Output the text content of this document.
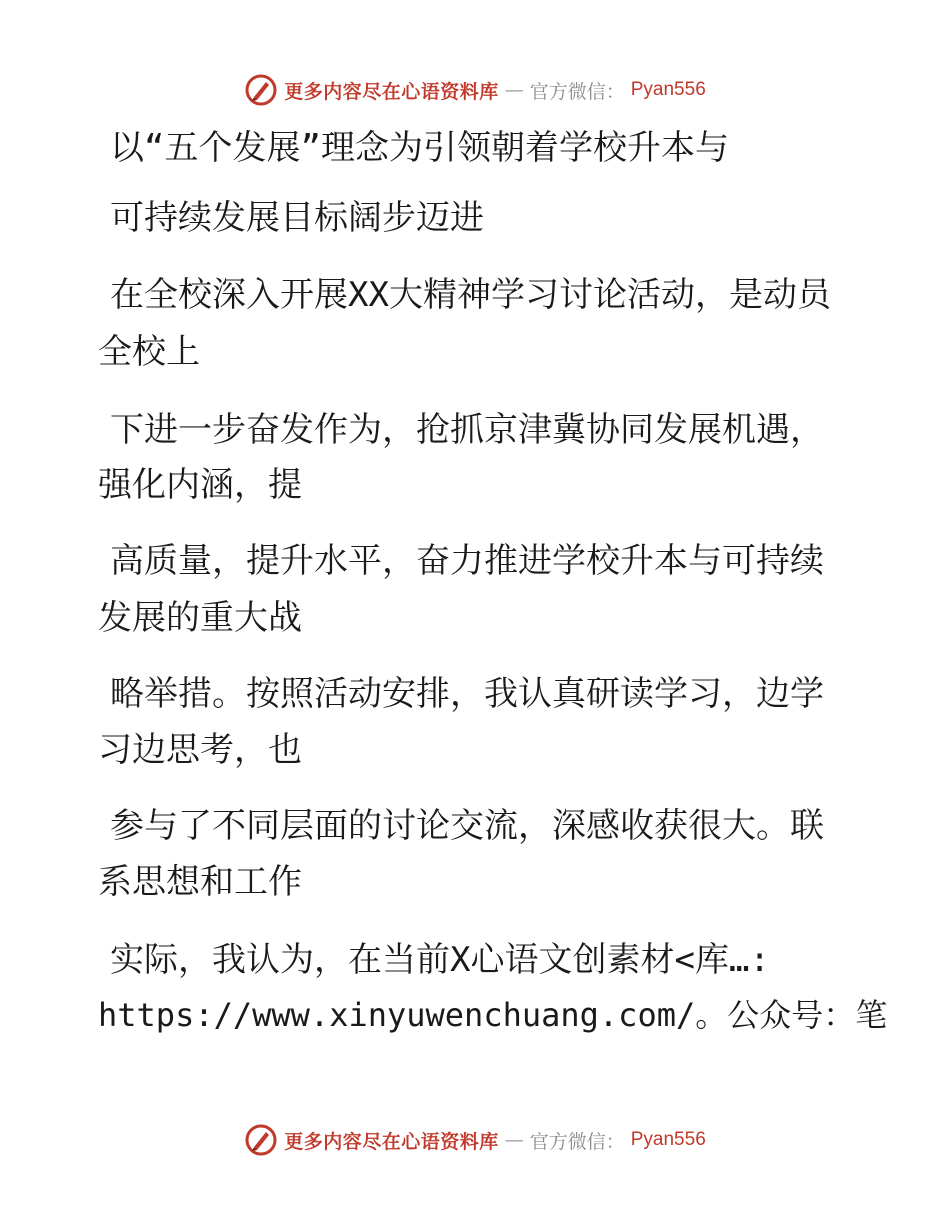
更多内容尽在心语资料库 — 官方微信： Pyan556
以“五个发展”理念为引领朝着学校升本与
可持续发展目标阔步迈进
在全校深入开展XX大精神学习讨论活动，是动员
全校上
下进一步奋发作为，抢抓京津冀协同发展机遇，
强化内涵，提
高质量，提升水平，奋力推进学校升本与可持续
发展的重大战
略举措。按照活动安排，我认真研读学习，边学
习边思考，也
参与了不同层面的讨论交流，深感收获很大。联
系思想和工作
实际，我认为，在当前X心语文创素材<库…:
https://www.xinyuwenchuang.com/。公众号：笔
更多内容尽在心语资料库 — 官方微信： Pyan556
